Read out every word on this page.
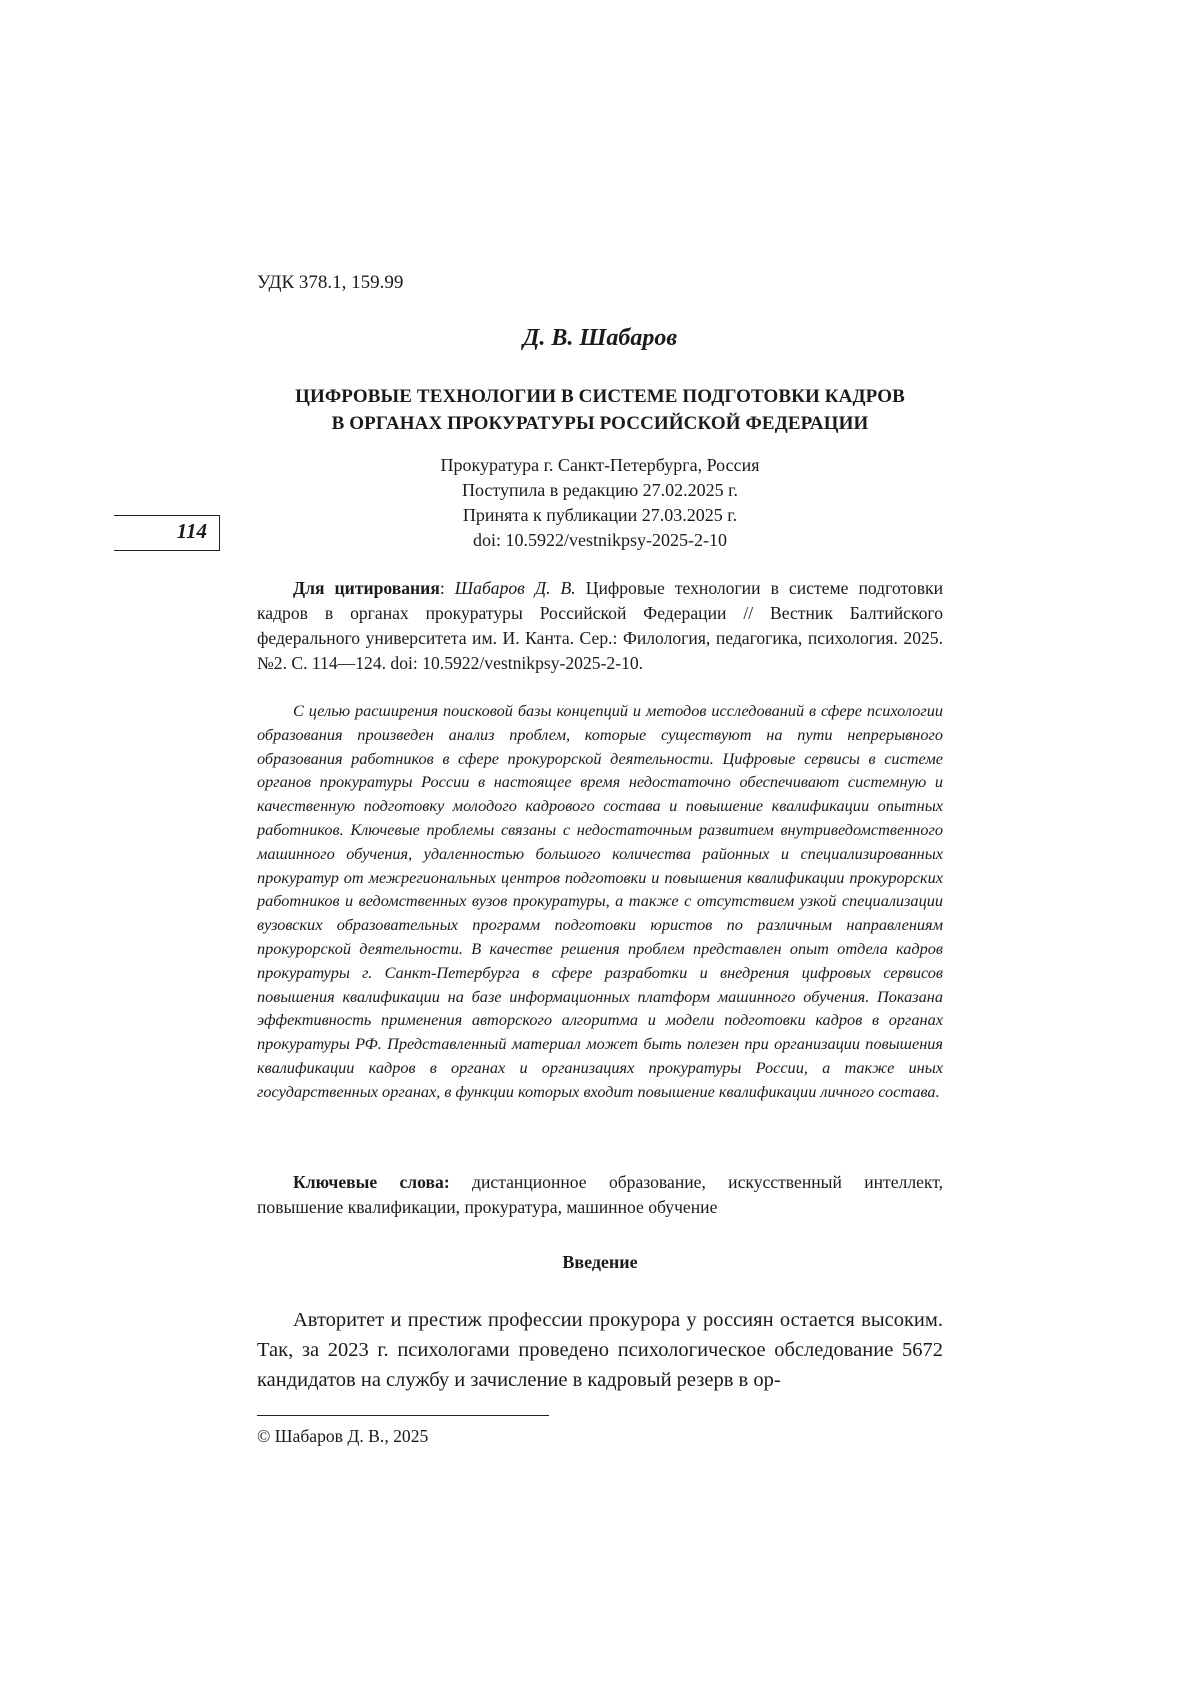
114
УДК 378.1, 159.99
Д. В. Шабаров
ЦИФРОВЫЕ ТЕХНОЛОГИИ В СИСТЕМЕ ПОДГОТОВКИ КАДРОВ
В ОРГАНАХ ПРОКУРАТУРЫ РОССИЙСКОЙ ФЕДЕРАЦИИ
Прокуратура г. Санкт-Петербурга, Россия
Поступила в редакцию 27.02.2025 г.
Принята к публикации 27.03.2025 г.
doi: 10.5922/vestnikpsy-2025-2-10
Для цитирования: Шабаров Д. В. Цифровые технологии в системе подготовки кадров в органах прокуратуры Российской Федерации // Вестник Балтийского федерального университета им. И. Канта. Сер.: Филология, педагогика, психология. 2025. №2. С. 114—124. doi: 10.5922/vestnikpsy-2025-2-10.

С целью расширения поисковой базы концепций и методов исследований в сфере психологии образования произведен анализ проблем, которые существуют на пути непрерывного образования работников в сфере прокурорской деятельности. Цифровые сервисы в системе органов прокуратуры России в настоящее время недостаточно обеспечивают системную и качественную подготовку молодого кадрового состава и повышение квалификации опытных работников. Ключевые проблемы связаны с недостаточным развитием внутриведомственного машинного обучения, удаленностью большого количества районных и специализированных прокуратур от межрегиональных центров подготовки и повышения квалификации прокурорских работников и ведомственных вузов прокуратуры, а также с отсутствием узкой специализации вузовских образовательных программ подготовки юристов по различным направлениям прокурорской деятельности. В качестве решения проблем представлен опыт отдела кадров прокуратуры г. Санкт-Петербурга в сфере разработки и внедрения цифровых сервисов повышения квалификации на базе информационных платформ машинного обучения. Показана эффективность применения авторского алгоритма и модели подготовки кадров в органах прокуратуры РФ. Представленный материал может быть полезен при организации повышения квалификации кадров в органах и организациях прокуратуры России, а также иных государственных органах, в функции которых входит повышение квалификации личного состава.

Ключевые слова: дистанционное образование, искусственный интеллект, повышение квалификации, прокуратура, машинное обучение

Введение

Авторитет и престиж профессии прокурора у россиян остается высоким. Так, за 2023 г. психологами проведено психологическое обследование 5672 кандидатов на службу и зачисление в кадровый резерв в ор-

© Шабаров Д. В., 2025
